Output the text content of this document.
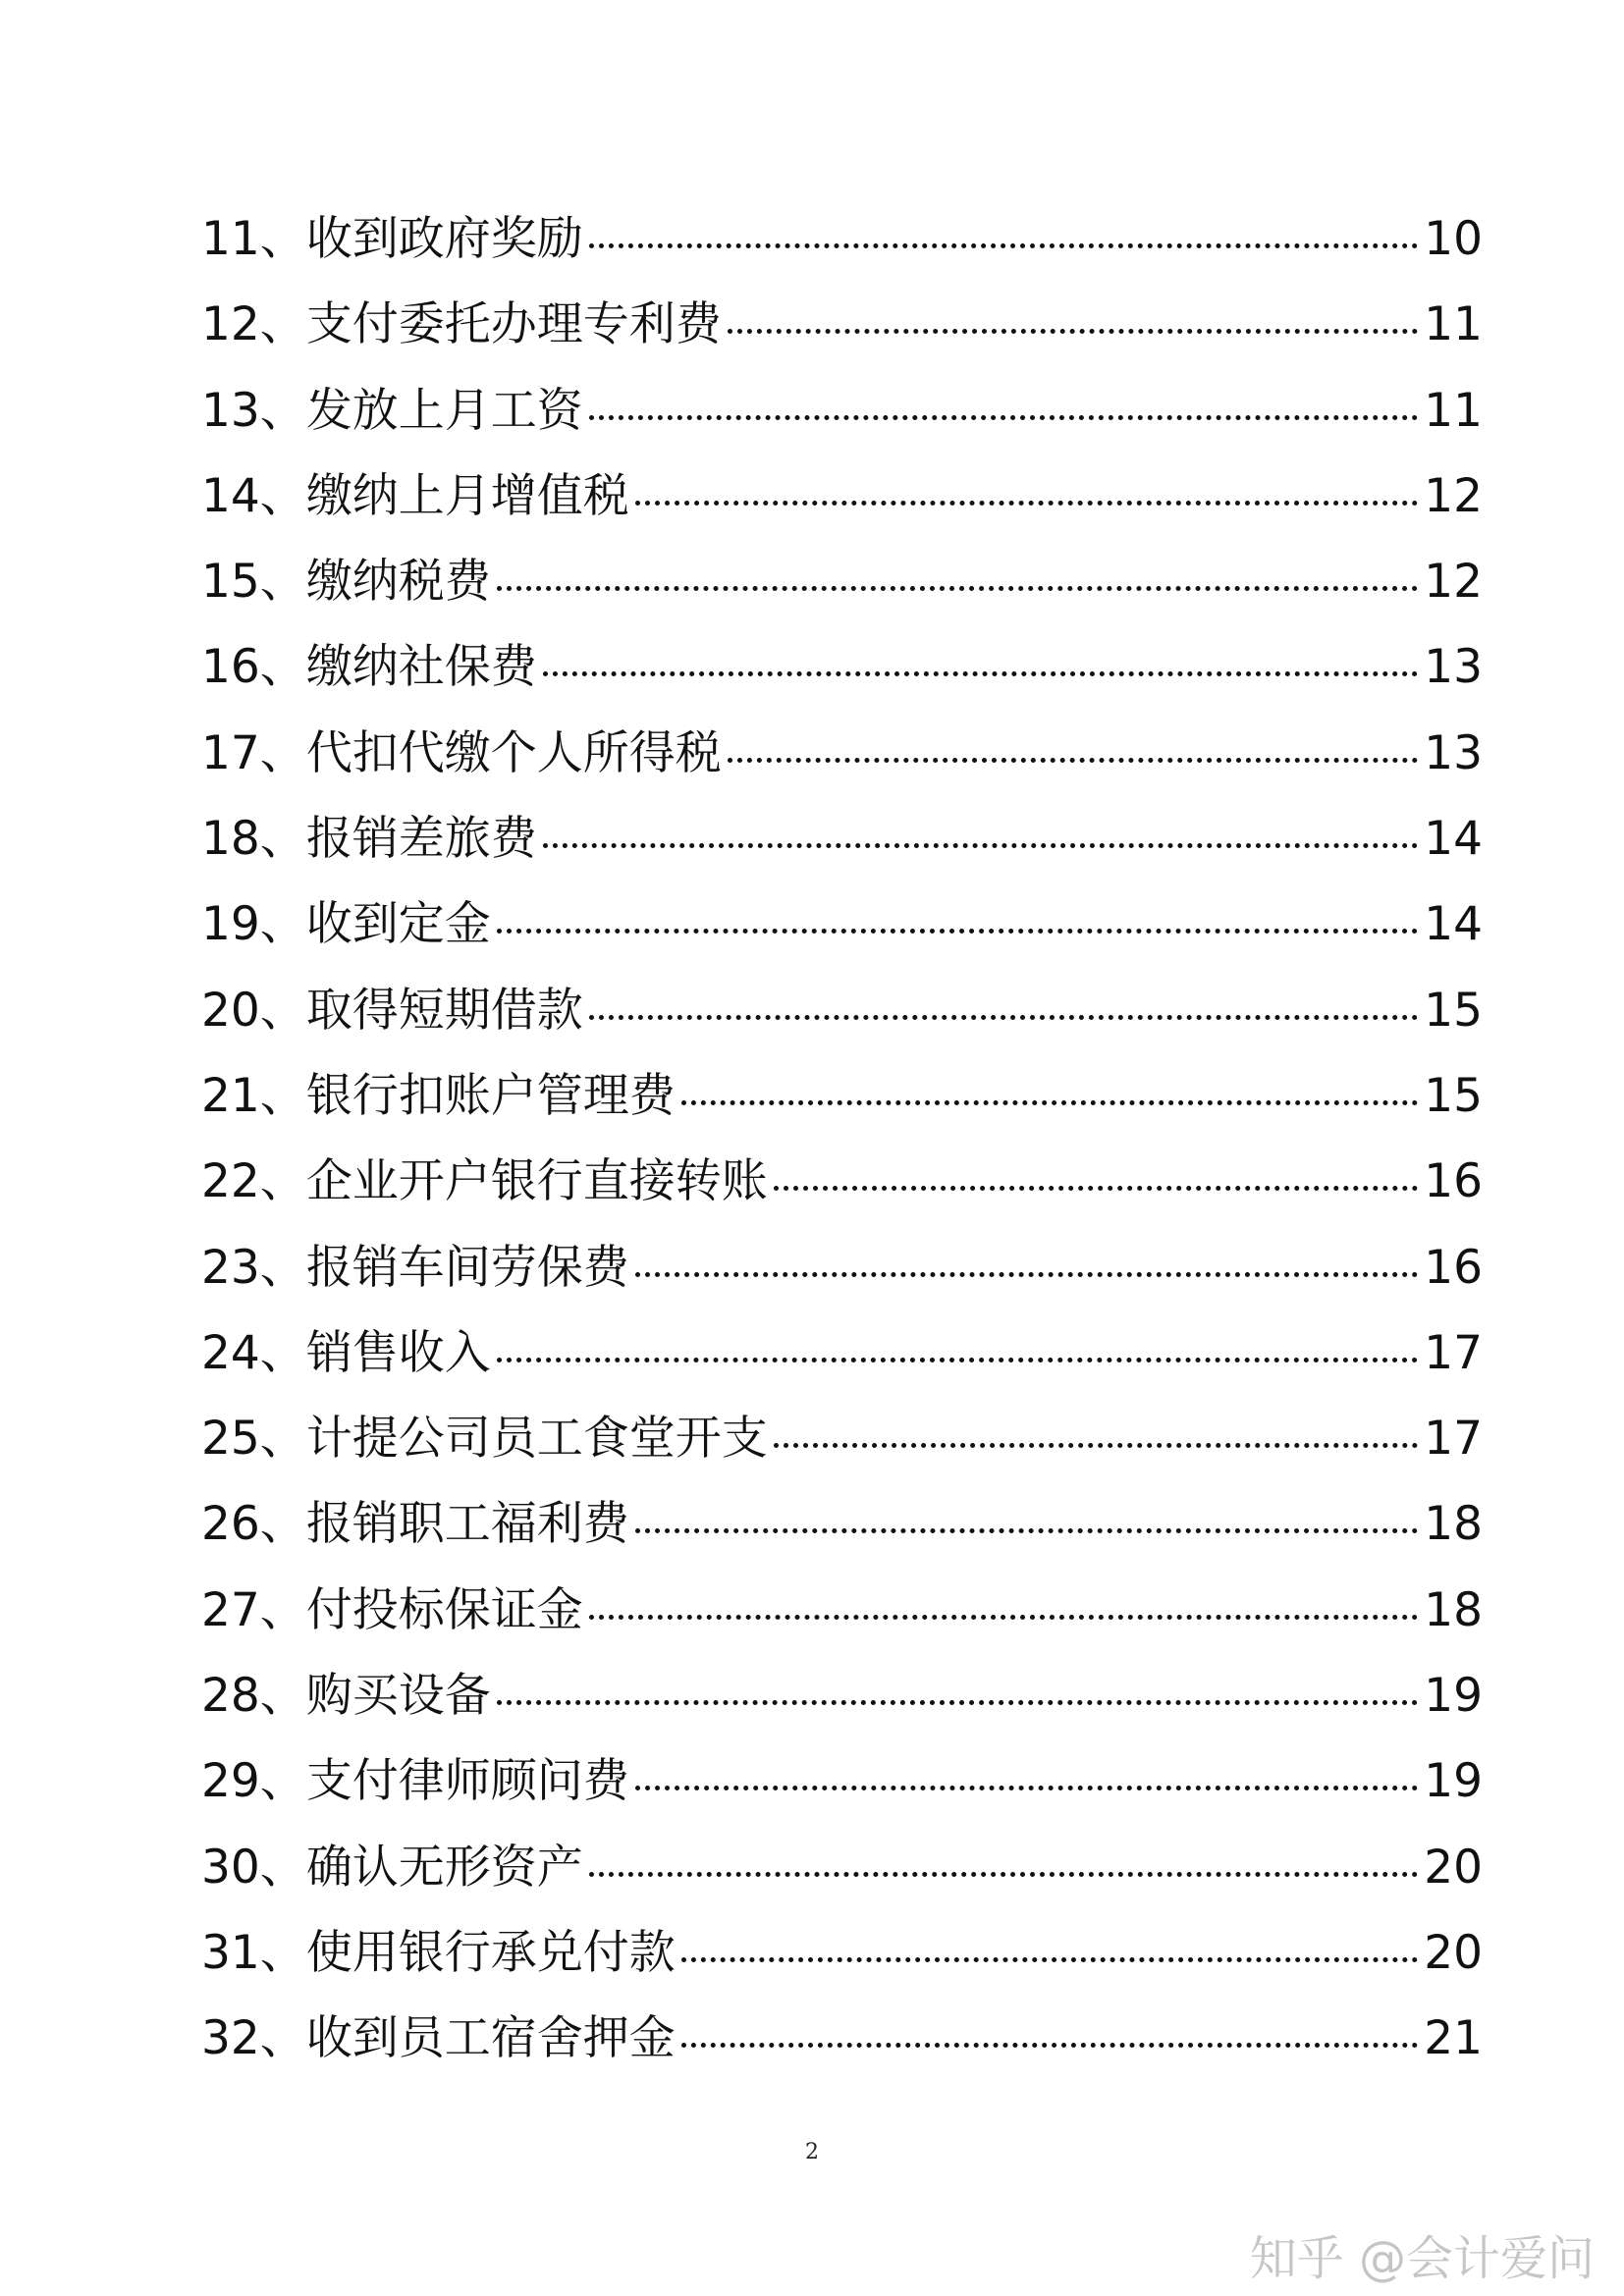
11、 收到政府奖励	10
12、 支付委托办理专利费	11
13、 发放上月工资	11
14、 缴纳上月增值税	12
15、 缴纳税费	12
16、 缴纳社保费	13
17、 代扣代缴个人所得税	13
18、 报销差旅费	14
19、 收到定金	14
20、 取得短期借款	15
21、 银行扣账户管理费	15
22、 企业开户银行直接转账	16
23、 报销车间劳保费	16
24、 销售收入	17
25、 计提公司员工食堂开支	17
26、 报销职工福利费	18
27、 付投标保证金	18
28、 购买设备	19
29、 支付律师顾问费	19
30、 确认无形资产	20
31、 使用银行承兑付款	20
32、 收到员工宿舍押金	21
2
知乎 @会计爱问
